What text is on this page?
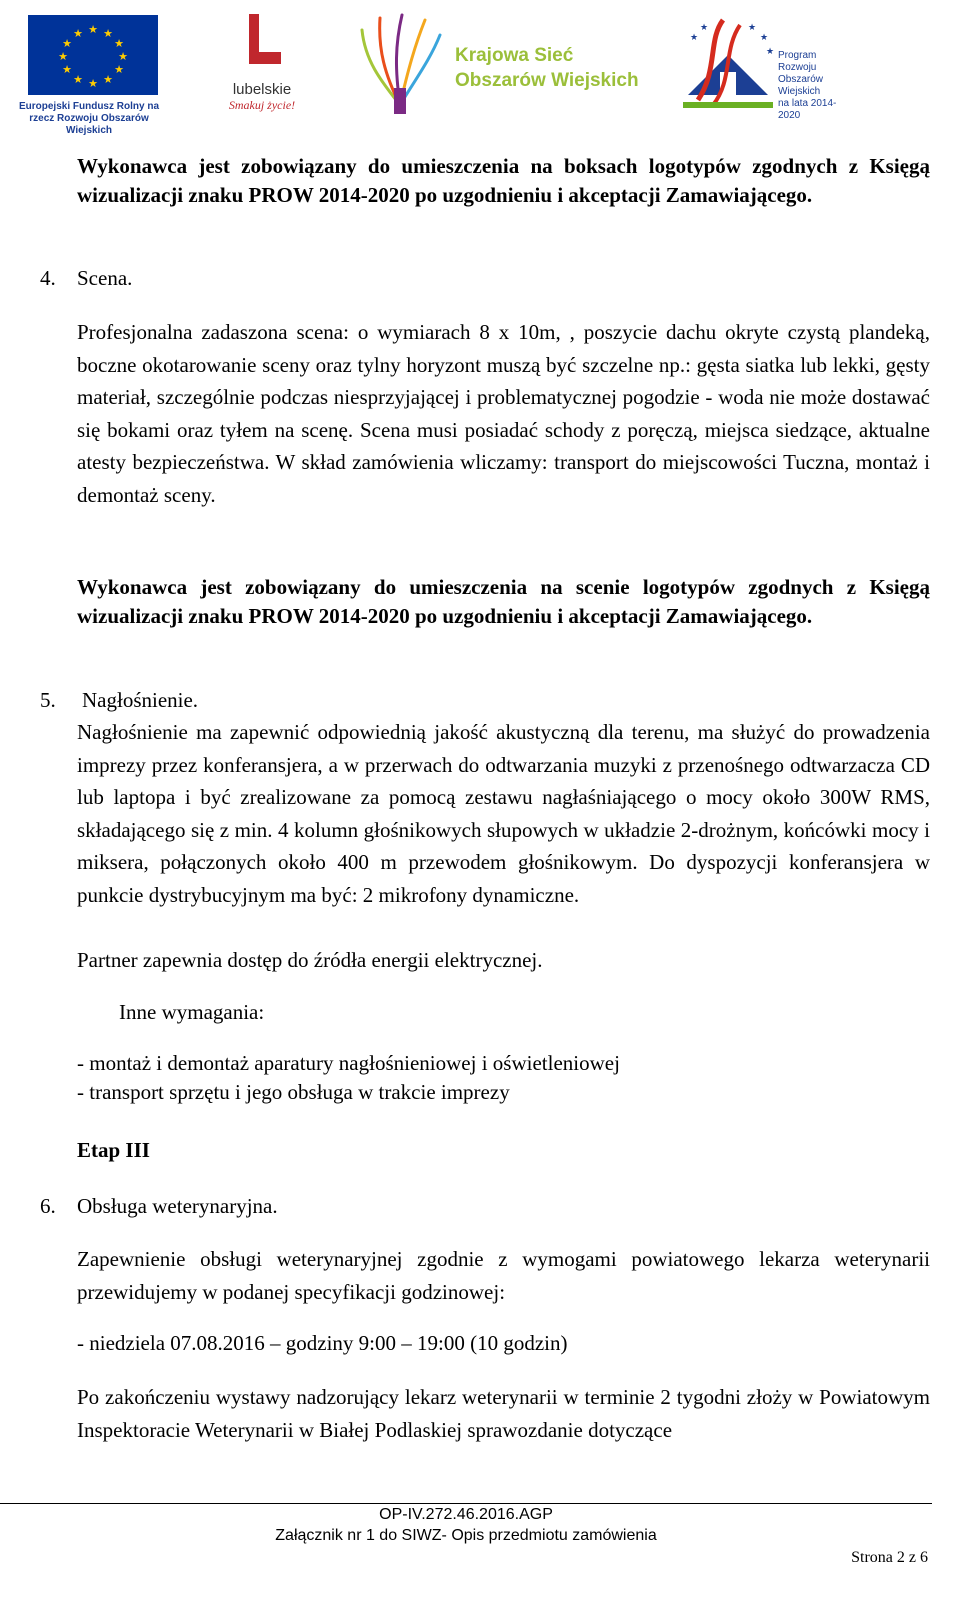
★ ★
★
★
★
★
★
★
★
★
★
★
Europejski Fundusz Rolny na rzecz Rozwoju Obszarów Wiejskich
lubelskie
Smakuj życie!
Krajowa Sieć
Obszarów Wiejskich
★
★	★
★
★ Program
Rozwoju
Obszarów
Wiejskich
na lata 2014-2020
Wykonawca jest zobowiązany do umieszczenia na boksach logotypów zgodnych z Księgą wizualizacji znaku PROW 2014-2020 po uzgodnieniu i akceptacji Zamawiającego.
4. Scena.
Profesjonalna zadaszona scena: o wymiarach 8 x 10m, , poszycie dachu okryte czystą plandeką, boczne okotarowanie sceny oraz tylny horyzont muszą być szczelne np.: gęsta siatka lub lekki, gęsty materiał, szczególnie podczas niesprzyjającej i problematycznej pogodzie - woda nie może dostawać się bokami oraz tyłem na scenę. Scena musi posiadać schody z poręczą, miejsca siedzące, aktualne atesty bezpieczeństwa. W skład zamówienia wliczamy: transport do miejscowości Tuczna, montaż i demontaż sceny.
Wykonawca jest zobowiązany do umieszczenia na scenie logotypów zgodnych z Księgą wizualizacji znaku PROW 2014-2020 po uzgodnieniu i akceptacji Zamawiającego.
5. Nagłośnienie.
Nagłośnienie ma zapewnić odpowiednią jakość akustyczną dla terenu, ma służyć do prowadzenia imprezy przez konferansjera, a w przerwach do odtwarzania muzyki z przenośnego odtwarzacza CD lub laptopa i być zrealizowane za pomocą zestawu nagłaśniającego o mocy około 300W RMS, składającego się z min. 4 kolumn głośnikowych słupowych w układzie 2-drożnym, końcówki mocy i miksera, połączonych około 400 m przewodem głośnikowym. Do dyspozycji konferansjera w punkcie dystrybucyjnym ma być: 2 mikrofony dynamiczne.
Partner zapewnia dostęp do źródła energii elektrycznej.
Inne wymagania:
- montaż i demontaż aparatury nagłośnieniowej i oświetleniowej
- transport sprzętu i jego obsługa w trakcie imprezy
Etap III
6. Obsługa weterynaryjna.
Zapewnienie obsługi weterynaryjnej zgodnie z wymogami powiatowego lekarza weterynarii przewidujemy w podanej specyfikacji godzinowej:
- niedziela 07.08.2016 – godziny 9:00 – 19:00 (10 godzin)
Po zakończeniu wystawy nadzorujący lekarz weterynarii w terminie 2 tygodni złoży w Powiatowym Inspektoracie Weterynarii w Białej Podlaskiej sprawozdanie dotyczące
OP-IV.272.46.2016.AGP
Załącznik nr 1 do SIWZ- Opis przedmiotu zamówienia
Strona 2 z 6
